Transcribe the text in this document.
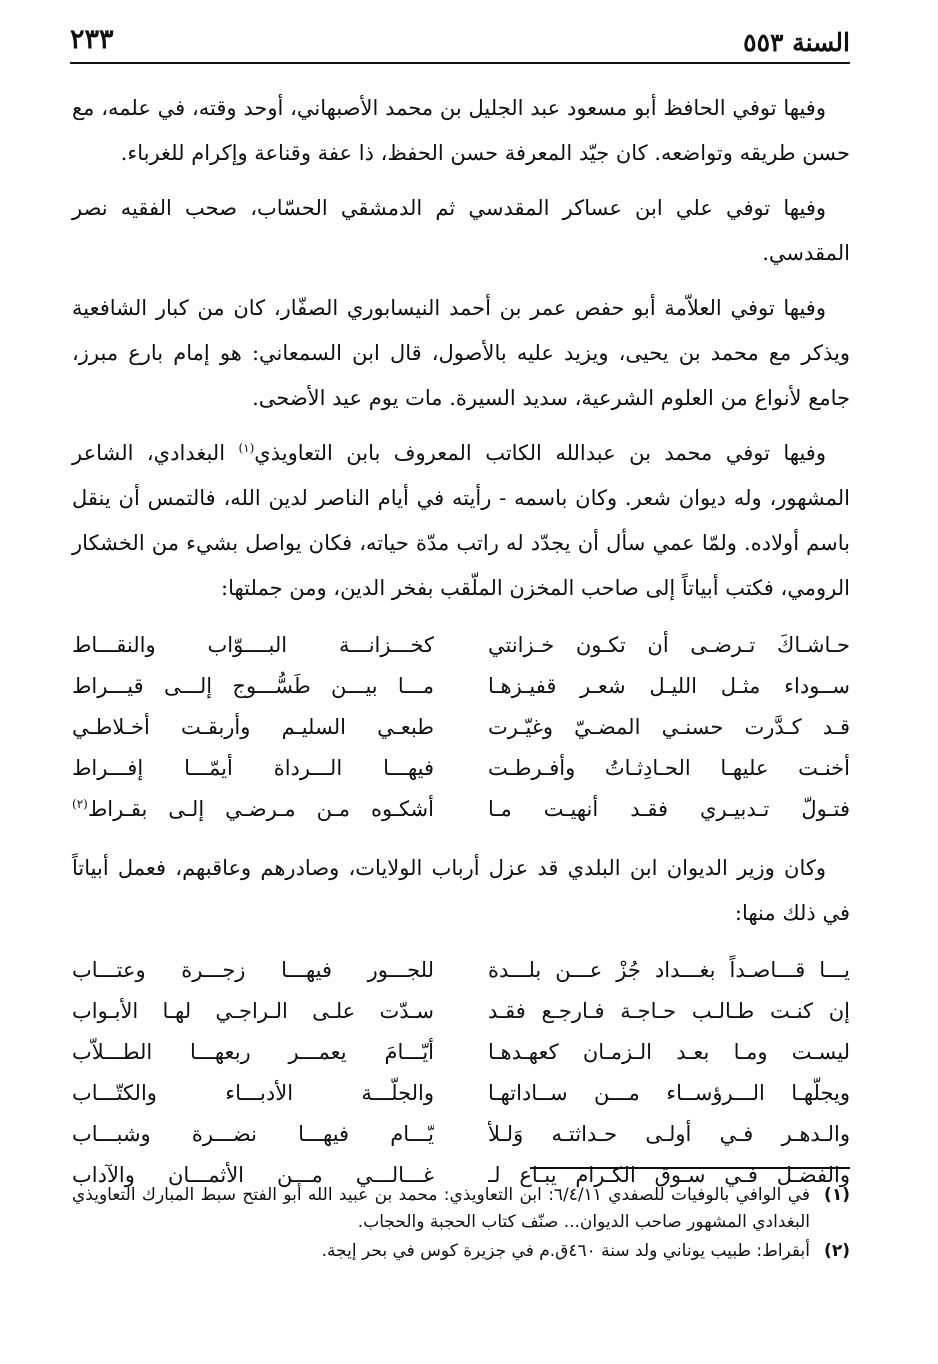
السنة ٥٥٣
٢٣٣

وفيها توفي الحافظ أبو مسعود عبد الجليل بن محمد الأصبهاني، أوحد وقته، في علمه، مع حسن طريقه وتواضعه. كان جيّد المعرفة حسن الحفظ، ذا عفة وقناعة وإكرام للغرباء.

وفيها توفي علي ابن عساكر المقدسي ثم الدمشقي الحسّاب، صحب الفقيه نصر المقدسي.

وفيها توفي العلاّمة أبو حفص عمر بن أحمد النيسابوري الصفّار، كان من كبار الشافعية ويذكر مع محمد بن يحيى، ويزيد عليه بالأصول، قال ابن السمعاني: هو إمام بارع مبرز، جامع لأنواع من العلوم الشرعية، سديد السيرة. مات يوم عيد الأضحى.

وفيها توفي محمد بن عبدالله الكاتب المعروف بابن التعاويذي$^{(١)}$ البغدادي، الشاعر المشهور، وله ديوان شعر. وكان باسمه - رأيته في أيام الناصر لدين الله، فالتمس أن ينقل باسم أولاده. ولمّا عمي سأل أن يجدّد له راتب مدّة حياته، فكان يواصل بشيء من الخشكار الرومي، فكتب أبياتاً إلى صاحب المخزن الملّقب بفخر الدين، ومن جملتها:

حـاشـاكَ تـرضـى أن تكـون خـزانتي
كخـــزانـــة البــــوّاب والنقـــاط
ســوداء مثـل الليـل شعـر قفيـزهـا
مـــا بيـــن طَسُّـــوج إلـــى قيـــراط
قـد كـدَّرت حسنـي المضـيّ وغيّـرت
طبعـي السليـم وأربقـت أخـلاطـي
أخنـت عليهـا الحـادِثـاتُ وأفـرطـت
فيهـــا الـــرداة أيمّـــا إفـــراط
فتـولّ تـدبيـري فقـد أنهيـت مـا
أشكـوه مـن مـرضـي إلـى بقـراط$^{(٢)}$

وكان وزير الديوان ابن البلدي قد عزل أرباب الولايات، وصادرهم وعاقبهم، فعمل أبياتاً في ذلك منها:

يـــا قـــاصـداً بغـــداد جُزْ عـــن بلـــدة
للجـــور فيهـــا زجـــرة وعتـــاب
إن كنـت طـالـب حـاجـة فـارجـع فقـد
سـدّت علـى الـراجـي لهـا الأبـواب
ليسـت ومـا بعـد الـزمـان كعهـدهـا
أيّـــامَ يعمـــر ربعهـــا الطـــلاّب
ويجلّهـا الـــرؤســاء مـــن ســاداتهـا
والجلّـــة الأدبـــاء والكتّـــاب
والـدهـر فـي أولـى حـداثتـه وَلـلأ
يّـــام فيهـــا نضـــرة وشبـــاب
والفضـل فـي سـوق الكـرام يبـاع لـ
غـــالـــي مـــن الأثمـــان والآداب
(١)
في الوافي بالوفيات للصفدي ٦/٤/١١: ابن التعاويذي: محمد بن عبيد الله أبو الفتح سبط المبارك التعاويذي البغدادي المشهور صاحب الديوان... صنّف كتاب الحجبة والحجاب.
(٢)
أبقراط: طبيب يوناني ولد سنة ٤٦٠ق.م في جزيرة كوس في بحر إيجة.
